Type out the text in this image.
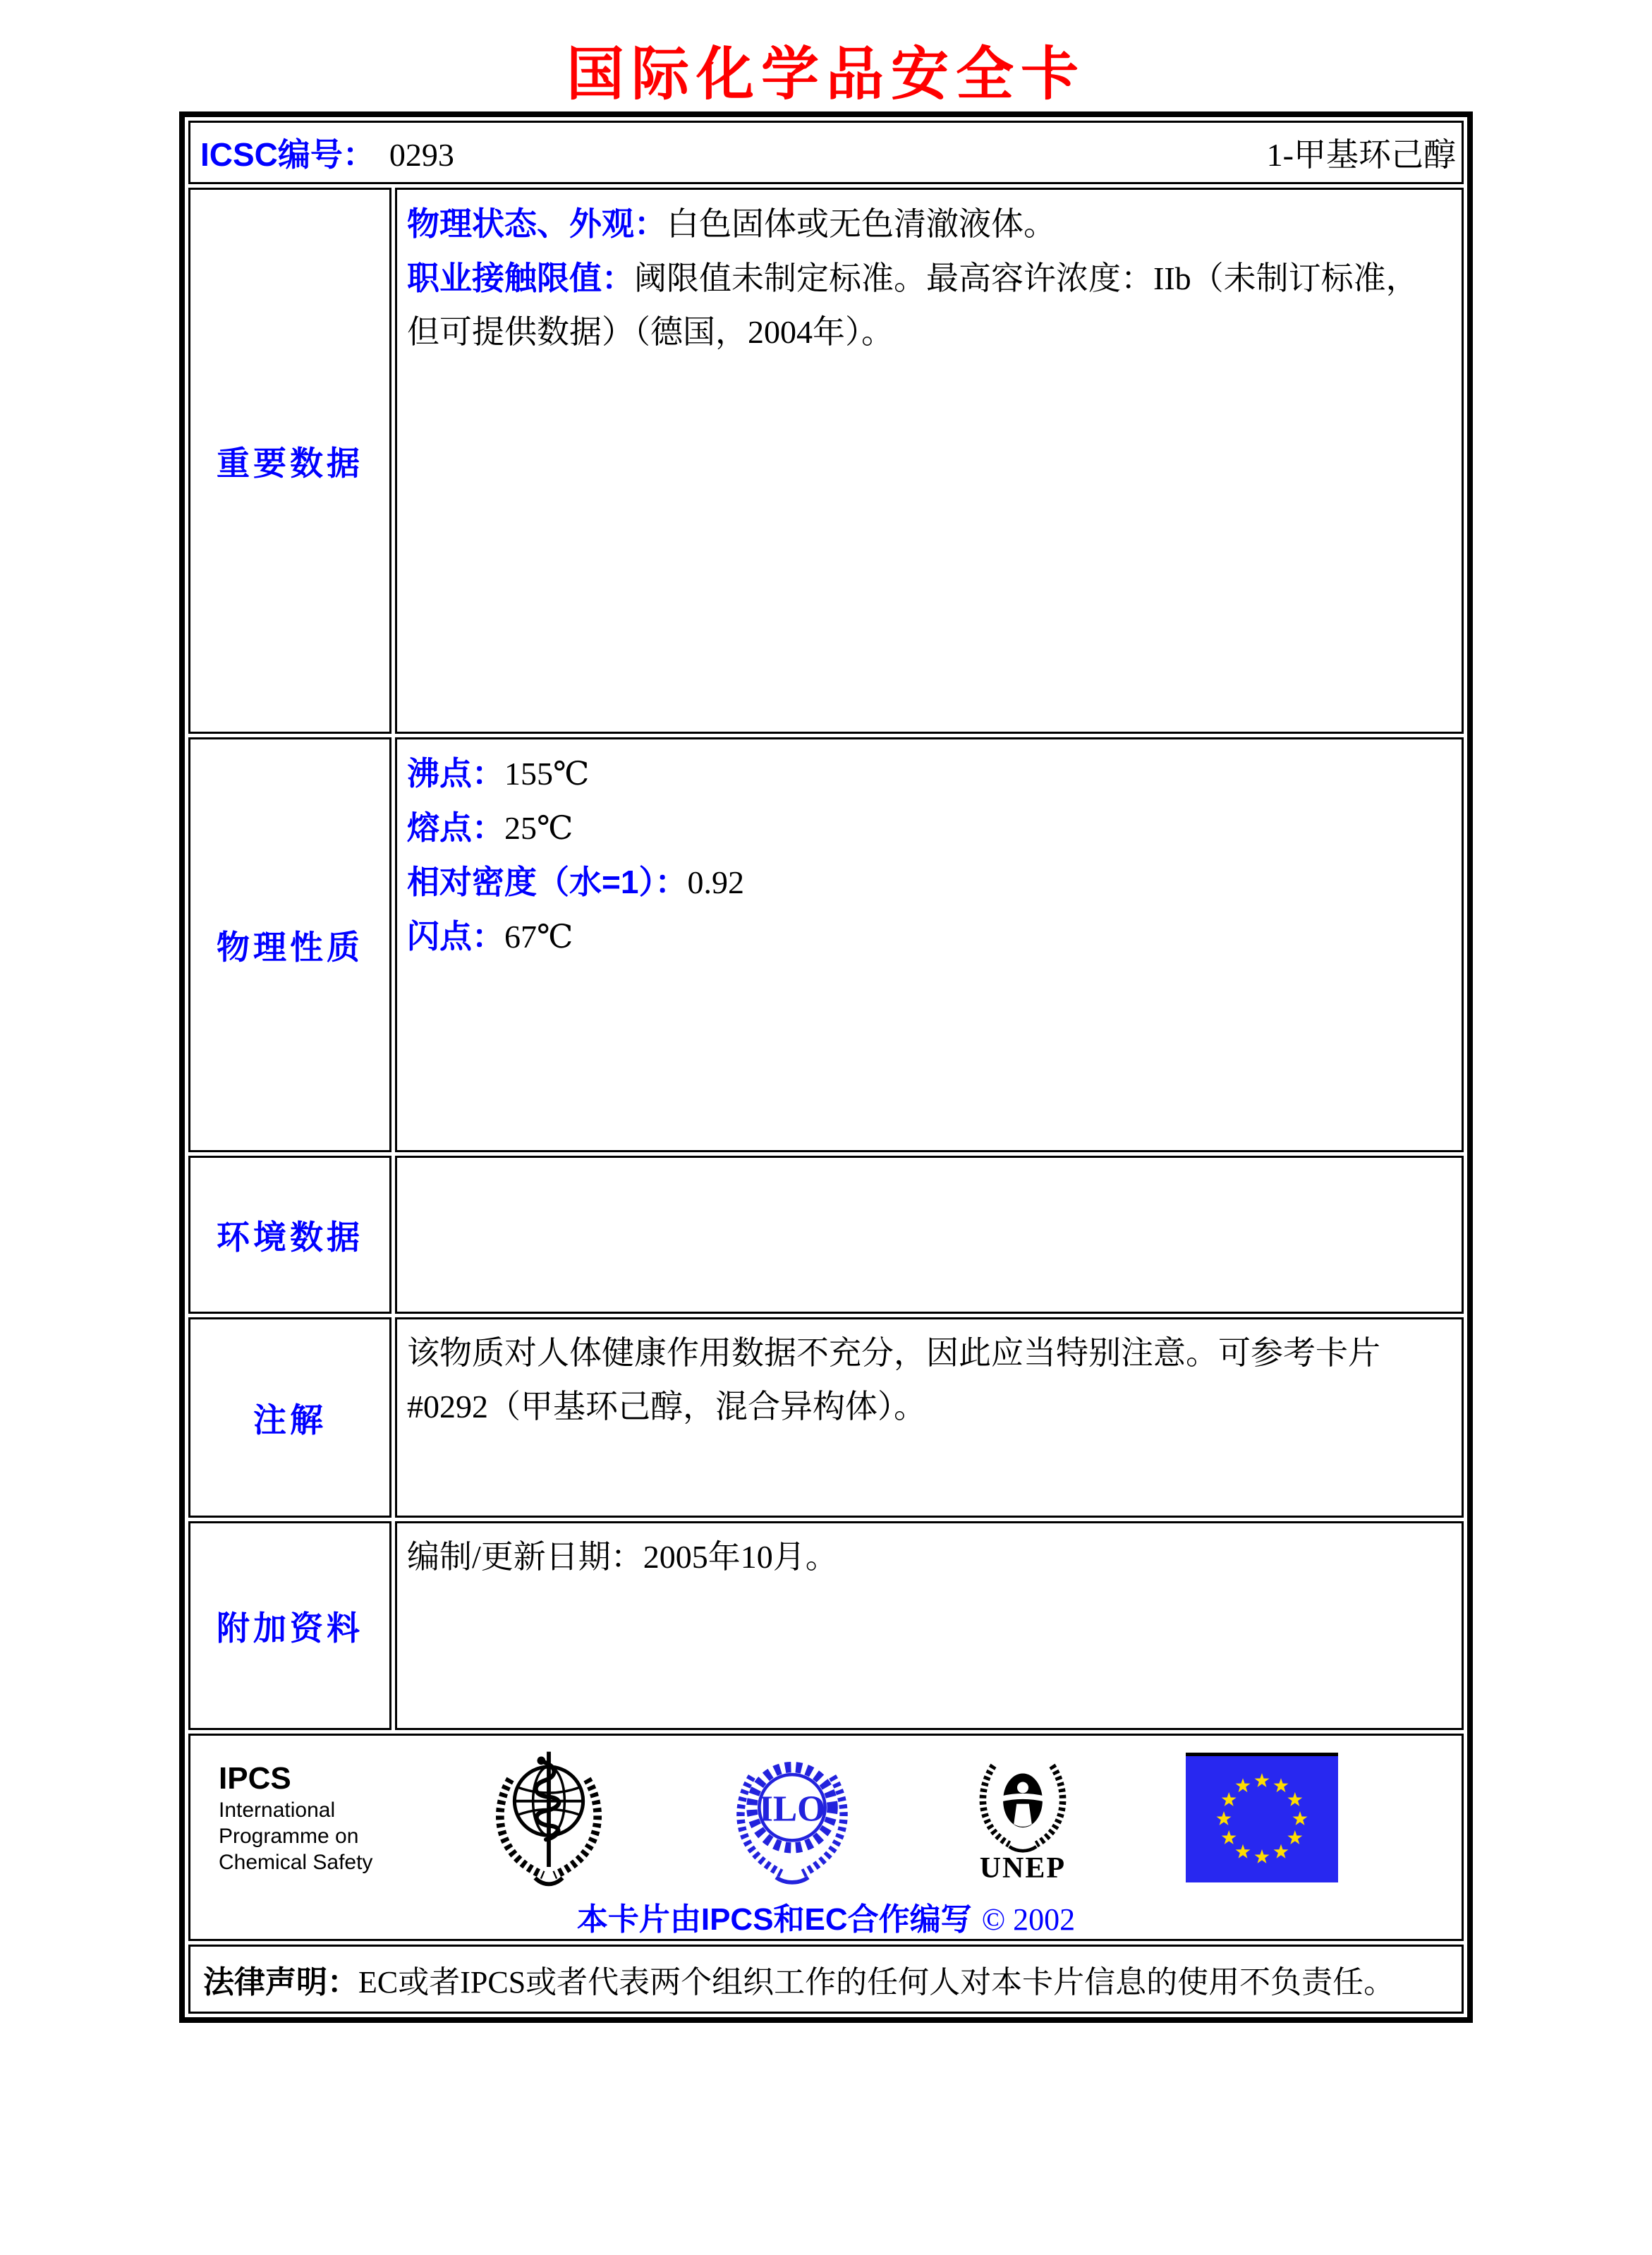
国际化学品安全卡
ICSC编号： 0293 1-甲基环己醇	

重要数据	物理状态、外观：白色固体或无色清澈液体。
职业接触限值：阈限值未制定标准。最高容许浓度：IIb（未制订标准，
但可提供数据）（德国，2004年）。

物理性质	沸点：155℃
熔点：25℃
相对密度（水=1）：0.92
闪点：67℃

环境数据	
注解	该物质对人体健康作用数据不充分，因此应当特别注意。可参考卡片
#0292（甲基环己醇，混合异构体）。

附加资料	编制/更新日期：2005年10月。

IPCS
International
Programme on
Chemical Safety
ILO
UNEP
本卡片由IPCS和EC合作编写 © 2002

法律声明：EC或者IPCS或者代表两个组织工作的任何人对本卡片信息的使用不负责任。	
